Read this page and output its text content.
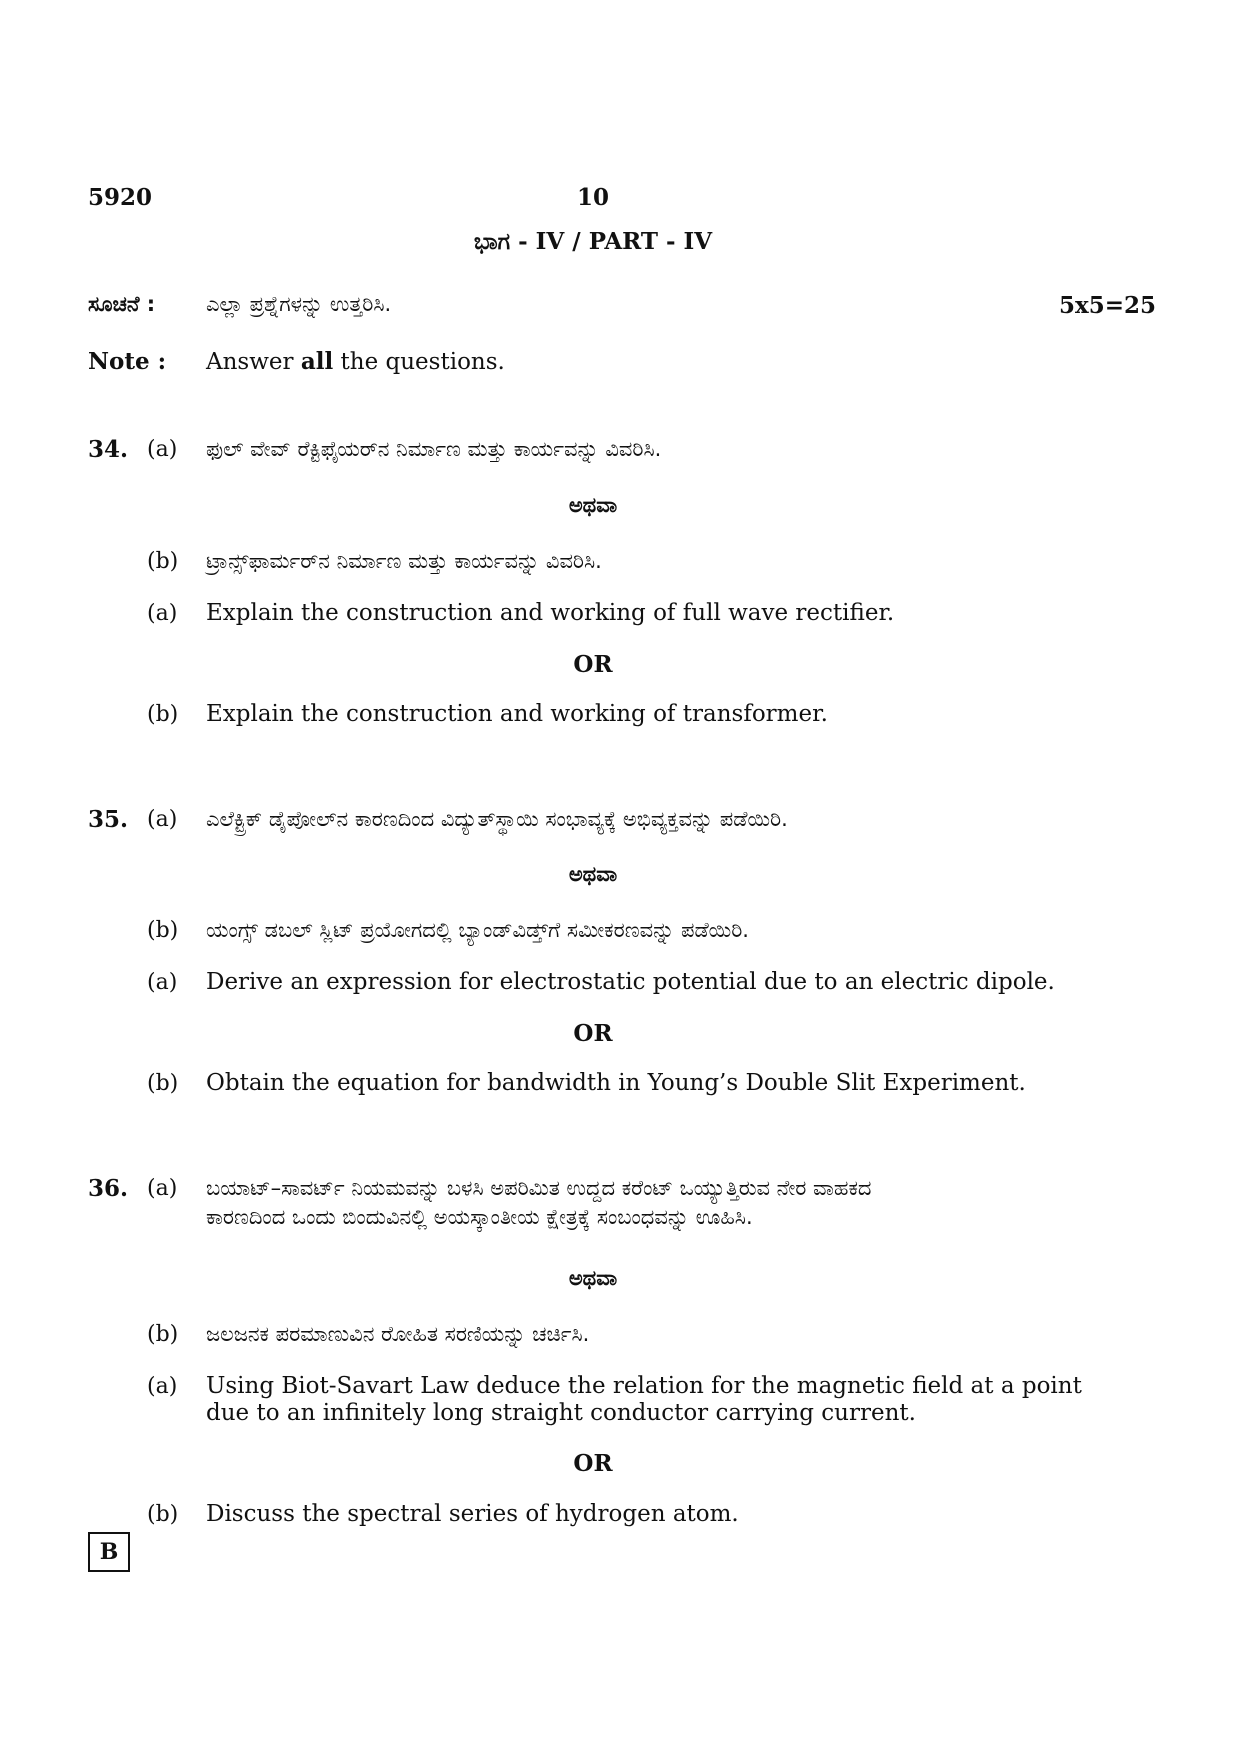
5920	10
ಭಾಗ - IV / PART - IV
ಸೂಚನೆ : ಎಲ್ಲಾ ಪ್ರಶ್ನೆಗಳನ್ನು ಉತ್ತರಿಸಿ.	5x5=25
Note : Answer all the questions.
34. (a) ಫುಲ್ ವೇವ್ ರೆಕ್ಟಿಫೈಯರ್‌ನ ನಿರ್ಮಾಣ ಮತ್ತು ಕಾರ್ಯವನ್ನು ವಿವರಿಸಿ.
ಅಥವಾ
(b) ಟ್ರಾನ್ಸ್‌ಫಾರ್ಮರ್‌ನ ನಿರ್ಮಾಣ ಮತ್ತು ಕಾರ್ಯವನ್ನು ವಿವರಿಸಿ.
(a) Explain the construction and working of full wave rectifier.
OR
(b) Explain the construction and working of transformer.
35. (a) ಎಲೆಕ್ಟ್ರಿಕ್ ಡೈಪೋಲ್‌ನ ಕಾರಣದಿಂದ ವಿದ್ಯುತ್‌ಸ್ಥಾಯಿ ಸಂಭಾವ್ಯಕ್ಕೆ ಅಭಿವ್ಯಕ್ತವನ್ನು ಪಡೆಯಿರಿ.
ಅಥವಾ
(b) ಯಂಗ್ಸ್ ಡಬಲ್ ಸ್ಲಿಟ್ ಪ್ರಯೋಗದಲ್ಲಿ ಬ್ಯಾಂಡ್‌ವಿಡ್ತ್‌ಗೆ ಸಮೀಕರಣವನ್ನು ಪಡೆಯಿರಿ.
(a) Derive an expression for electrostatic potential due to an electric dipole.
OR
(b) Obtain the equation for bandwidth in Young’s Double Slit Experiment.
36. (a) ಬಯಾಟ್–ಸಾವರ್ಟ್ ನಿಯಮವನ್ನು ಬಳಸಿ ಅಪರಿಮಿತ ಉದ್ದದ ಕರೆಂಟ್ ಒಯ್ಯುತ್ತಿರುವ ನೇರ ವಾಹಕದ
ಕಾರಣದಿಂದ ಒಂದು ಬಿಂದುವಿನಲ್ಲಿ ಅಯಸ್ಕಾಂತೀಯ ಕ್ಷೇತ್ರಕ್ಕೆ ಸಂಬಂಧವನ್ನು ಊಹಿಸಿ.
ಅಥವಾ
(b) ಜಲಜನಕ ಪರಮಾಣುವಿನ ರೋಹಿತ ಸರಣಿಯನ್ನು ಚರ್ಚಿಸಿ.
(a) Using Biot-Savart Law deduce the relation for the magnetic field at a point
due to an infinitely long straight conductor carrying current.
OR
(b) Discuss the spectral series of hydrogen atom.
B
